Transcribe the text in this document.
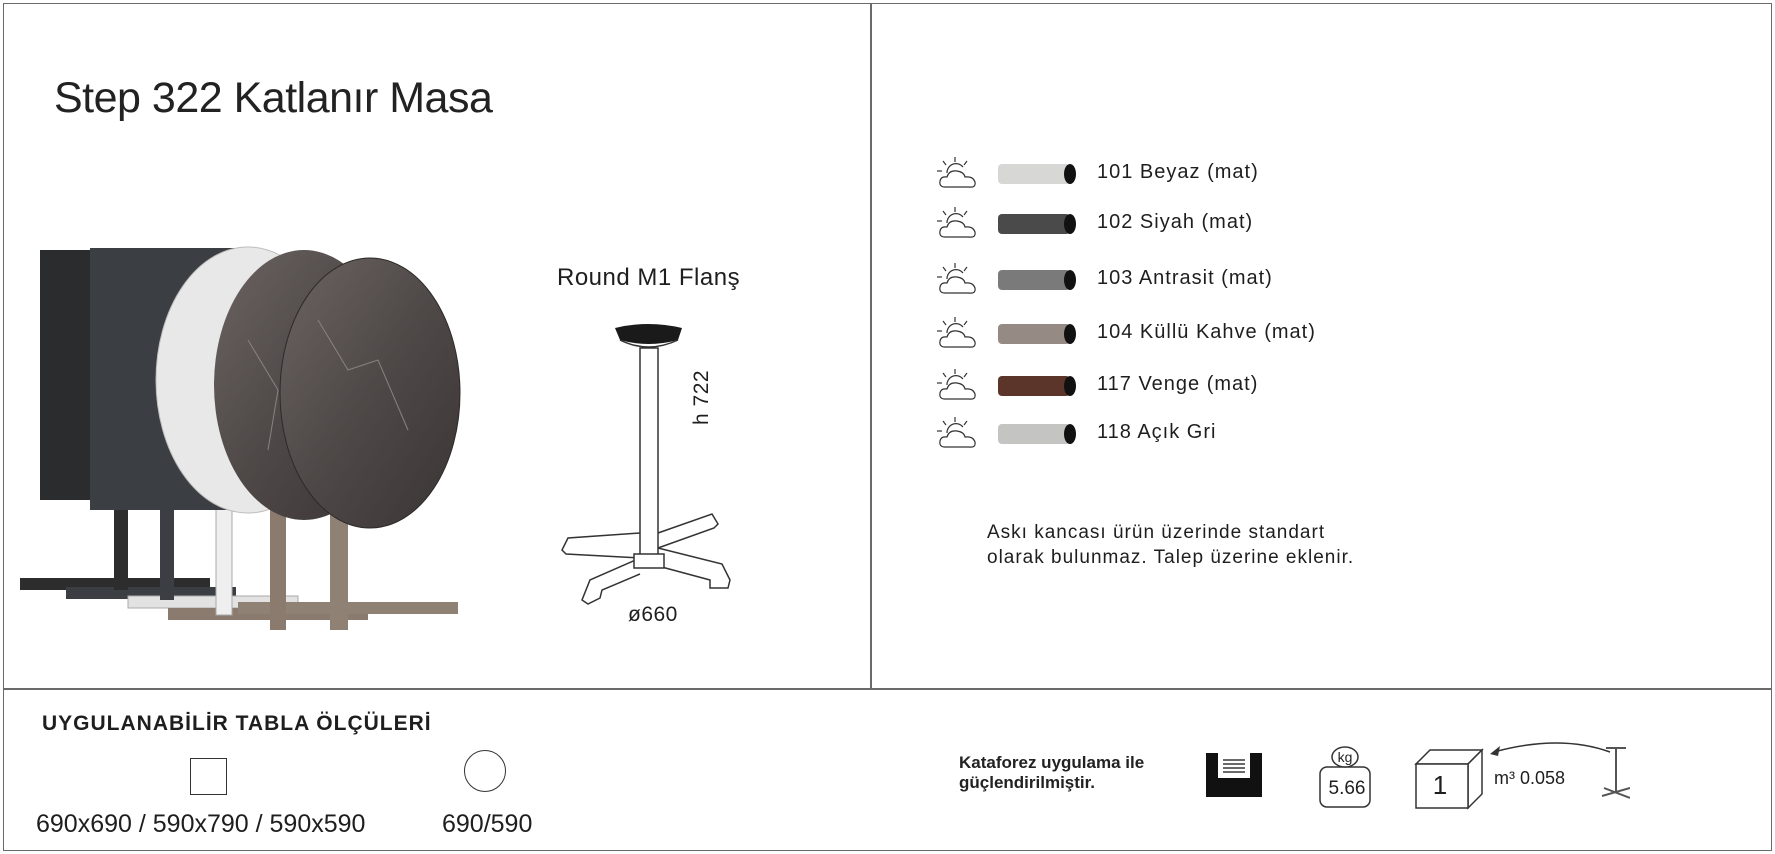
Step 322 Katlanır Masa
Round M1 Flanş
h 722
ø660
101 Beyaz (mat)
102 Siyah (mat)
103 Antrasit (mat)
104 Küllü Kahve (mat)
117 Venge (mat)
118 Açık Gri
Askı kancası ürün üzerinde standart
olarak bulunmaz. Talep üzerine eklenir.
UYGULANABİLİR TABLA ÖLÇÜLERİ
690x690 / 590x790 / 590x590	690/590
Kataforez uygulama ile
güçlendirilmiştir.
kg
5.66	1	m³ 0.058
